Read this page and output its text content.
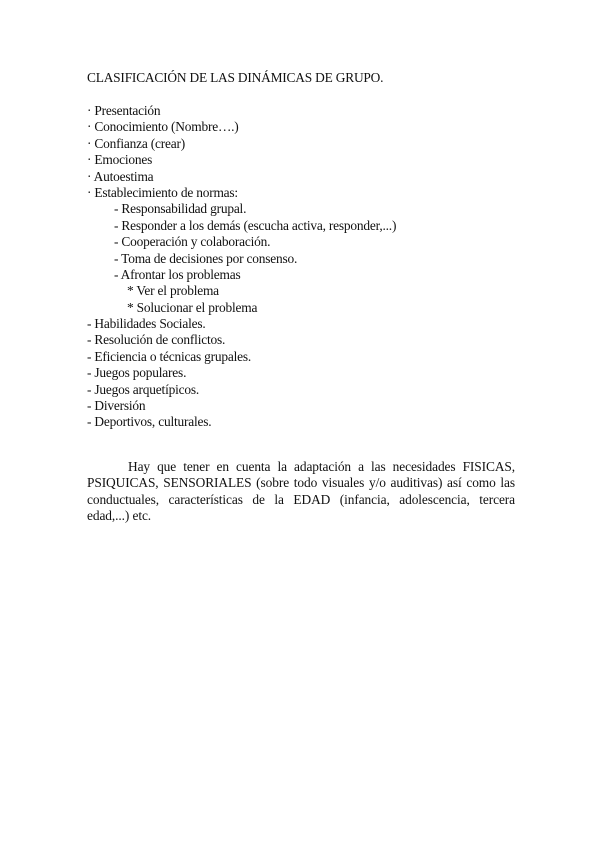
CLASIFICACIÓN DE LAS DINÁMICAS DE GRUPO.
· Presentación
· Conocimiento (Nombre….)
· Confianza (crear)
· Emociones
· Autoestima
· Establecimiento de normas:
- Responsabilidad grupal.
- Responder a los demás (escucha activa, responder,...)
- Cooperación y colaboración.
- Toma de decisiones por consenso.
- Afrontar los problemas
* Ver el problema
* Solucionar el problema
- Habilidades Sociales.
- Resolución de conflictos.
- Eficiencia o técnicas grupales.
- Juegos populares.
- Juegos arquetípicos.
- Diversión
- Deportivos, culturales.

Hay que tener en cuenta la adaptación a las necesidades FISICAS, PSIQUICAS, SENSORIALES (sobre todo visuales y/o auditivas) así como las conductuales, características de la EDAD (infancia, adolescencia, tercera edad,...) etc.
